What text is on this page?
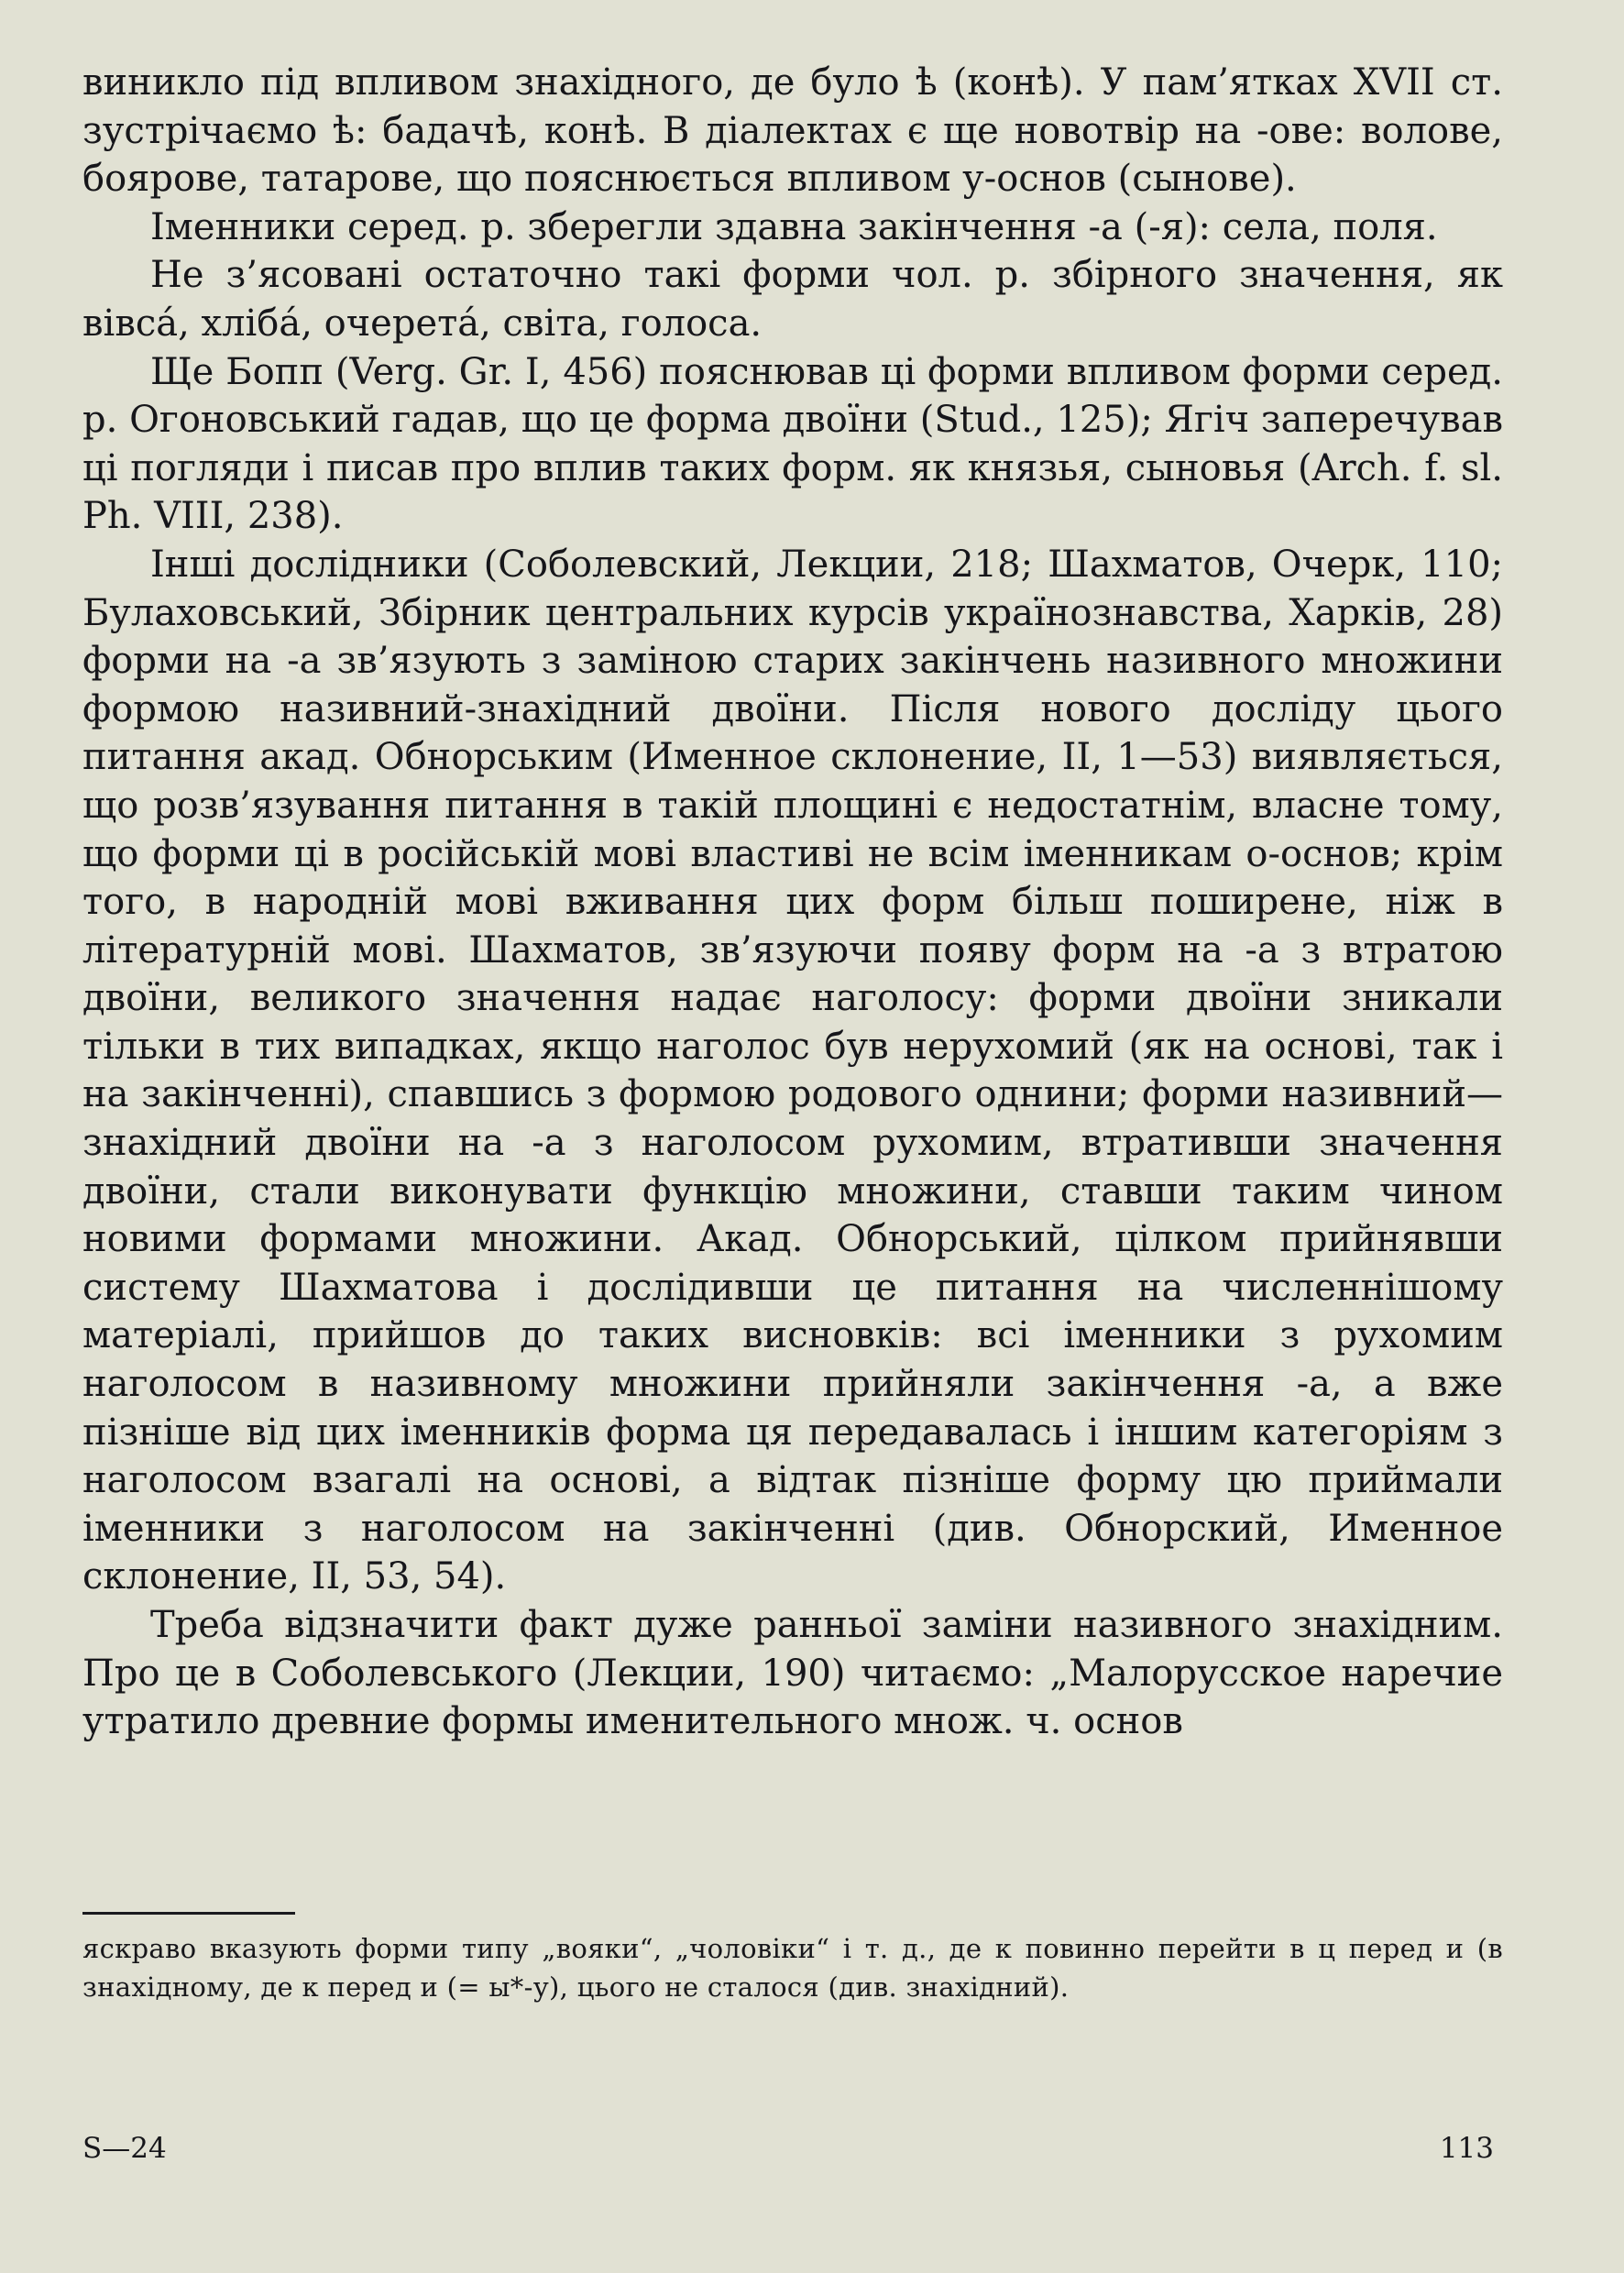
виникло під впливом знахідного, де було ѣ (конѣ). У пам’ятках XVII ст. зустрічаємо ѣ: бадачѣ, конѣ. В діалектах є ще новотвір на -ове: волове, боярове, татарове, що пояснюється впливом у-основ (сынове).

Іменники серед. р. зберегли здавна закінчення -а (-я): села, поля.

Не з’ясовані остаточно такі форми чол. р. збірного значення, як вівсá, хлібá, очеретá, світа, голоса.

Ще Бопп (Verg. Gr. I, 456) пояснював ці форми впливом форми серед. р. Огоновський гадав, що це форма двоїни (Stud., 125); Ягіч заперечував ці погляди і писав про вплив таких форм. як князья, сыновья (Arch. f. sl. Ph. VIII, 238).

Інші дослідники (Соболевский, Лекции, 218; Шахматов, Очерк, 110; Булаховський, Збірник центральних курсів українознавства, Харків, 28) форми на -а зв’язують з заміною старих закінчень називного множини формою називний-знахідний двоїни. Після нового досліду цього питання акад. Обнорським (Именное склонение, II, 1—53) виявляється, що розв’язування питання в такій площині є недостатнім, власне тому, що форми ці в російській мові властиві не всім іменникам о-основ; крім того, в народній мові вживання цих форм більш поширене, ніж в літературній мові. Шахматов, зв’язуючи появу форм на -а з втратою двоїни, великого значення надає наголосу: форми двоїни зникали тільки в тих випадках, якщо наголос був нерухомий (як на основі, так і на закінченні), спавшись з формою родового однини; форми називний—знахідний двоїни на -а з наголосом рухомим, втративши значення двоїни, стали виконувати функцію множини, ставши таким чином новими формами множини. Акад. Обнорський, цілком прийнявши систему Шахматова і дослідивши це питання на численнішому матеріалі, прийшов до таких висновків: всі іменники з рухомим наголосом в називному множини прийняли закінчення -а, а вже пізніше від цих іменників форма ця передавалась і іншим категоріям з наголосом взагалі на основі, а відтак пізніше форму цю приймали іменники з наголосом на закінченні (див. Обнорский, Именное склонение, II, 53, 54).

Треба відзначити факт дуже ранньої заміни називного знахідним. Про це в Соболевського (Лекции, 190) читаємо: „Малорусское наречие утратило древние формы именительного множ. ч. основ

яскраво вказують форми типу „вояки“, „чоловіки“ і т. д., де к повинно перейти в ц перед и (в знахідному, де к перед и (= ы*-у), цього не сталося (див. знахідний).

S—24	113
